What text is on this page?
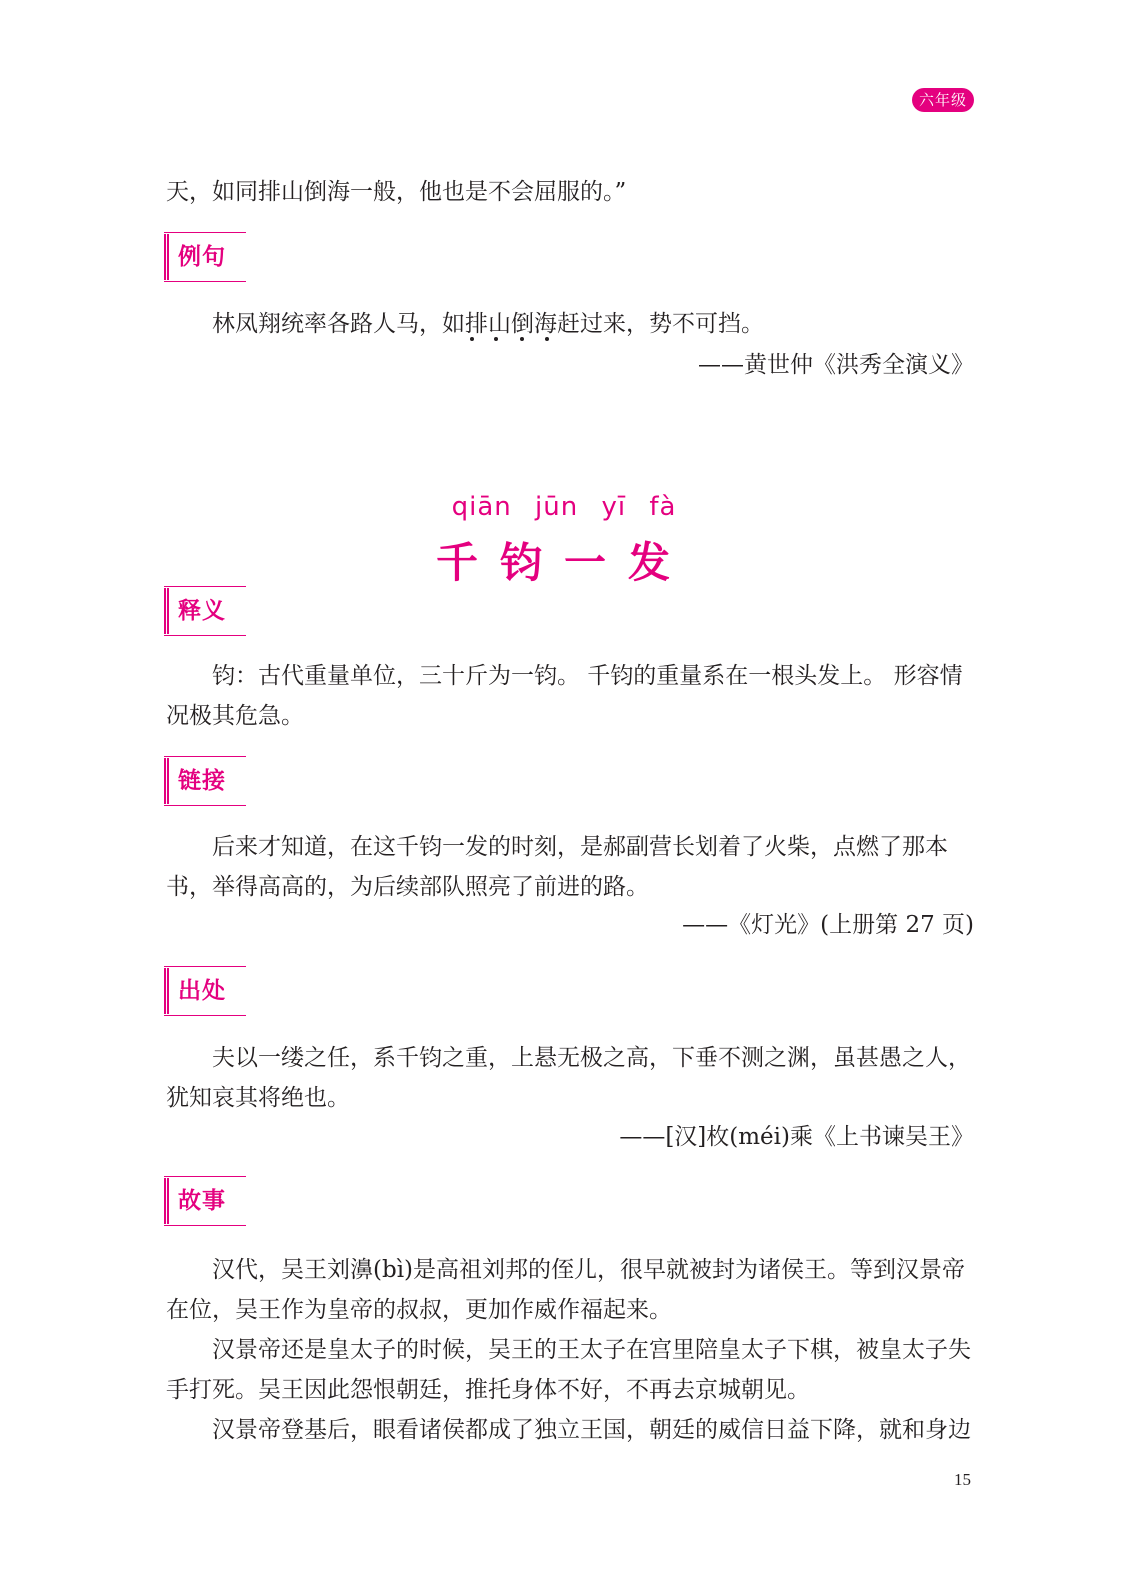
六年级

天，如同排山倒海一般，他也是不会屈服的。”

例句

林凤翔统率各路人马，如排山倒海赶过来，势不可挡。

——黄世仲《洪秀全演义》

qiān jūn yī fà
千钧一发
释义

钧：古代重量单位，三十斤为一钧。 千钧的重量系在一根头发上。 形容情况极其危急。

链接

后来才知道，在这千钧一发的时刻，是郝副营长划着了火柴，点燃了那本书，举得高高的，为后续部队照亮了前进的路。

——《灯光》(上册第 27 页)

出处

夫以一缕之任，系千钧之重，上悬无极之高，下垂不测之渊，虽甚愚之人，犹知哀其将绝也。

——[汉]枚(méi)乘《上书谏吴王》

故事

汉代，吴王刘濞(bì)是高祖刘邦的侄儿，很早就被封为诸侯王。等到汉景帝在位，吴王作为皇帝的叔叔，更加作威作福起来。

汉景帝还是皇太子的时候，吴王的王太子在宫里陪皇太子下棋，被皇太子失手打死。吴王因此怨恨朝廷，推托身体不好，不再去京城朝见。

汉景帝登基后，眼看诸侯都成了独立王国，朝廷的威信日益下降，就和身边

15
